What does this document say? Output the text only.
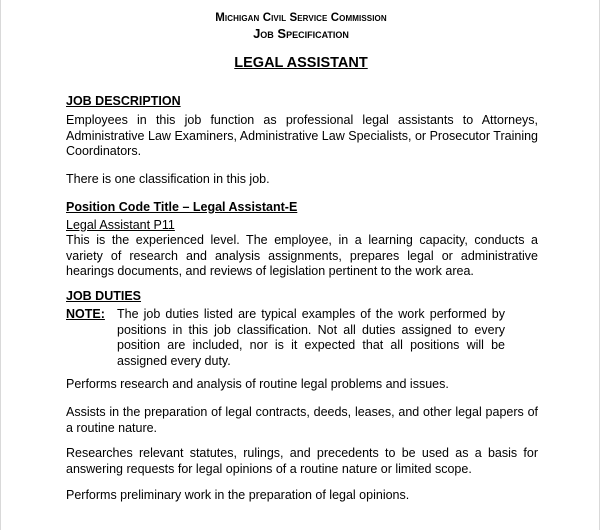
Michigan Civil Service Commission
Job Specification
LEGAL ASSISTANT
JOB DESCRIPTION
Employees in this job function as professional legal assistants to Attorneys, Administrative Law Examiners, Administrative Law Specialists, or Prosecutor Training Coordinators.
There is one classification in this job.
Position Code Title – Legal Assistant-E
Legal Assistant P11
This is the experienced level. The employee, in a learning capacity, conducts a variety of research and analysis assignments, prepares legal or administrative hearings documents, and reviews of legislation pertinent to the work area.
JOB DUTIES
NOTE: The job duties listed are typical examples of the work performed by positions in this job classification. Not all duties assigned to every position are included, nor is it expected that all positions will be assigned every duty.
Performs research and analysis of routine legal problems and issues.
Assists in the preparation of legal contracts, deeds, leases, and other legal papers of a routine nature.
Researches relevant statutes, rulings, and precedents to be used as a basis for answering requests for legal opinions of a routine nature or limited scope.
Performs preliminary work in the preparation of legal opinions.
